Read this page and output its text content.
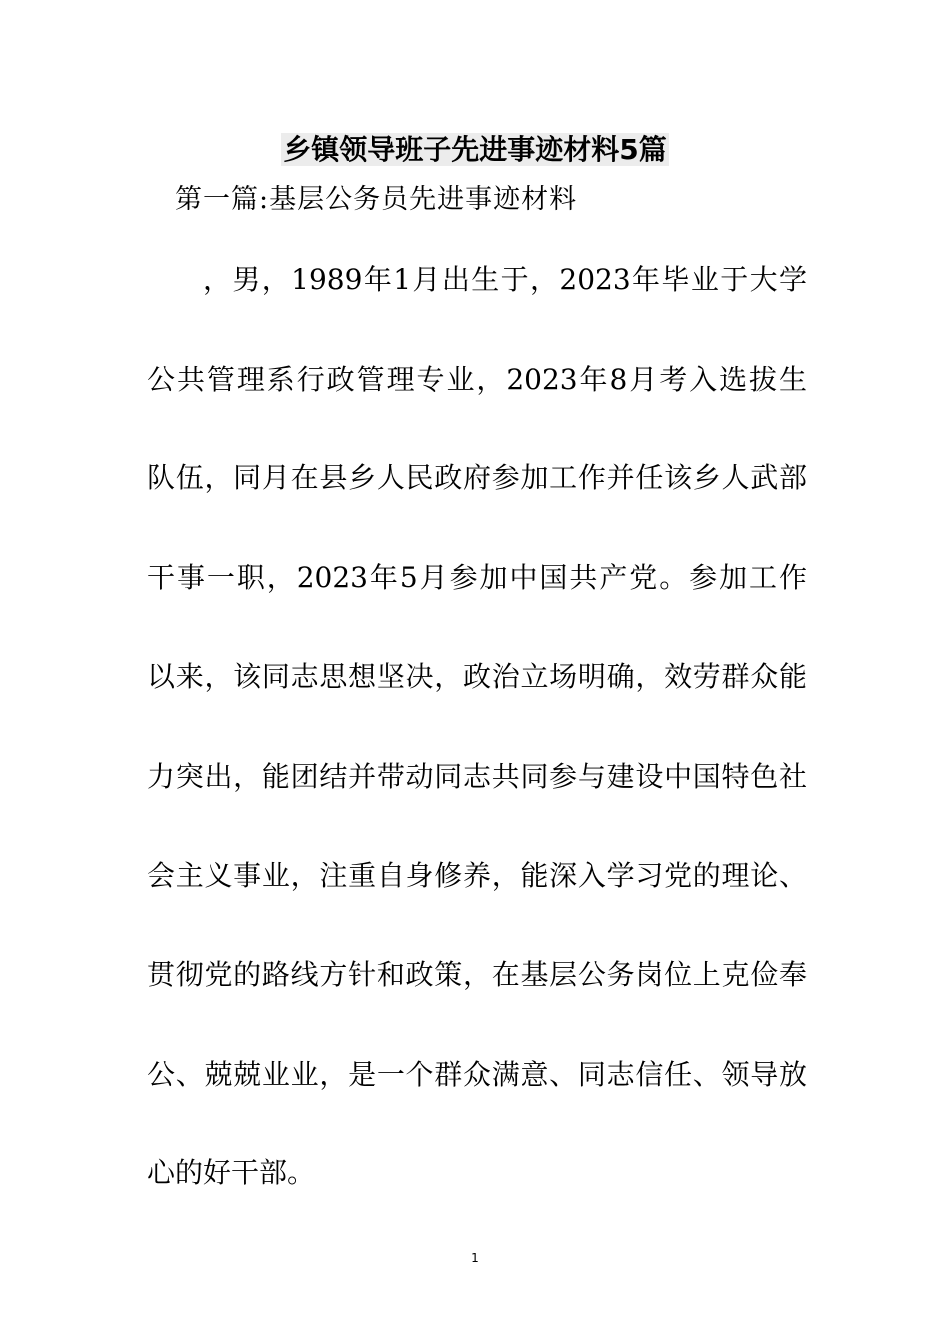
乡镇领导班子先进事迹材料5篇
第一篇:基层公务员先进事迹材料
，男，1989年1月出生于，2023年毕业于大学
公共管理系行政管理专业，2023年8月考入选拔生
队伍，同月在县乡人民政府参加工作并任该乡人武部
干事一职，2023年5月参加中国共产党。参加工作
以来，该同志思想坚决，政治立场明确，效劳群众能
力突出，能团结并带动同志共同参与建设中国特色社
会主义事业，注重自身修养，能深入学习党的理论、
贯彻党的路线方针和政策，在基层公务岗位上克俭奉
公、兢兢业业，是一个群众满意、同志信任、领导放
心的好干部。
1
